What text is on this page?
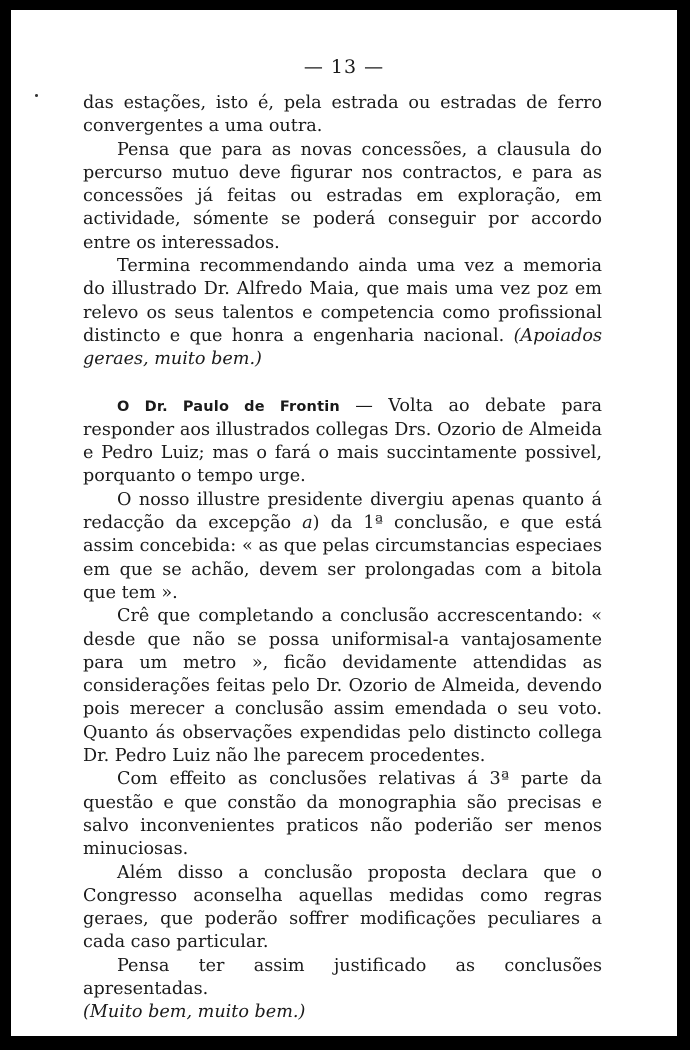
— 13 —

das estações, isto é, pela estrada ou estradas de ferro convergentes a uma outra.

Pensa que para as novas concessões, a clausula do percurso mutuo deve figurar nos contractos, e para as concessões já feitas ou estradas em exploração, em actividade, sómente se poderá conseguir por accordo entre os interessados.

Termina recommendando ainda uma vez a memoria do illustrado Dr. Alfredo Maia, que mais uma vez poz em relevo os seus talentos e competencia como profissional distincto e que honra a engenharia nacional. (Apoiados geraes, muito bem.)

O Dr. Paulo de Frontin — Volta ao debate para responder aos illustrados collegas Drs. Ozorio de Almeida e Pedro Luiz; mas o fará o mais succintamente possivel, porquanto o tempo urge.

O nosso illustre presidente divergiu apenas quanto á redacção da excepção a) da 1ª conclusão, e que está assim concebida: « as que pelas circumstancias especiaes em que se achão, devem ser prolongadas com a bitola que tem ».

Crê que completando a conclusão accrescentando: « desde que não se possa uniformisal-a vantajosamente para um metro », ficão devidamente attendidas as considerações feitas pelo Dr. Ozorio de Almeida, devendo pois merecer a conclusão assim emendada o seu voto. Quanto ás observações expendidas pelo distincto collega Dr. Pedro Luiz não lhe parecem procedentes.

Com effeito as conclusões relativas á 3ª parte da questão e que constão da monographia são precisas e salvo inconvenientes praticos não poderião ser menos minuciosas.

Além disso a conclusão proposta declara que o Congresso aconselha aquellas medidas como regras geraes, que poderão soffrer modificações peculiares a cada caso particular.

Pensa ter assim justificado as conclusões apresentadas.

(Muito bem, muito bem.)
